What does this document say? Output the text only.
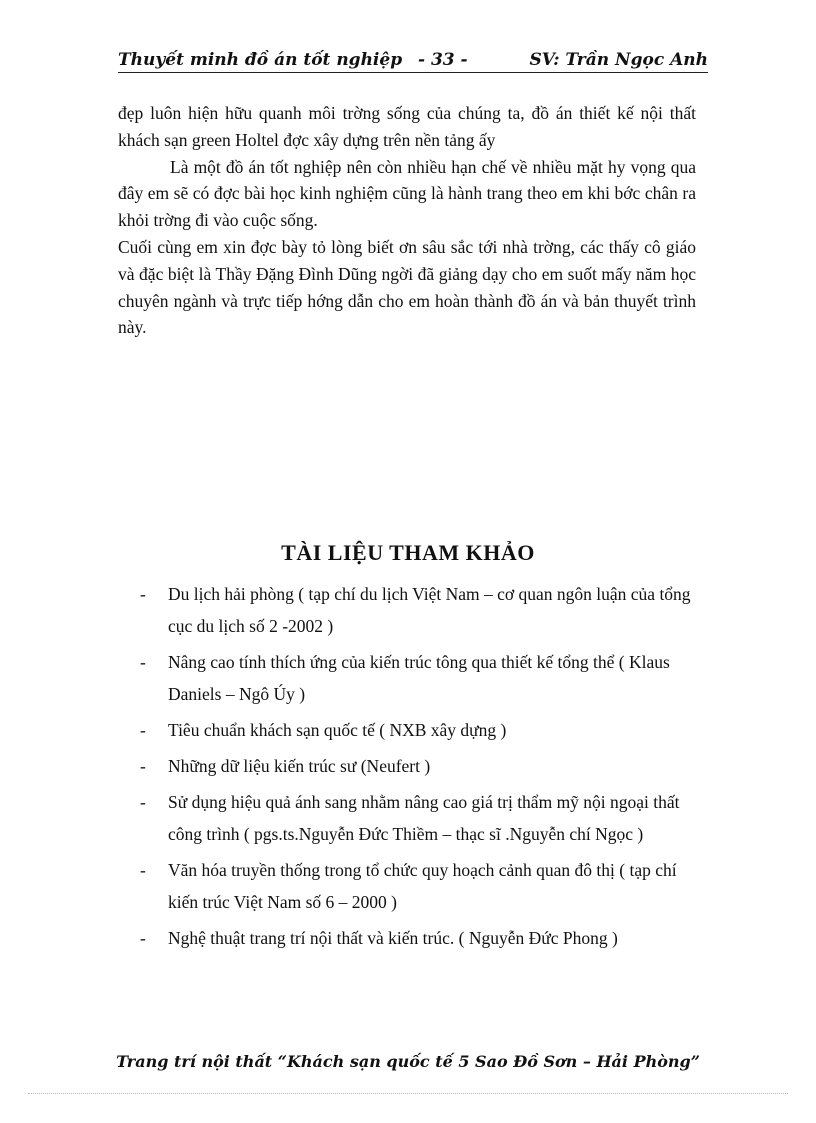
Thuyết minh đồ án tốt nghiệp - 33 -	SV: Trần Ngọc Anh

đẹp luôn hiện hữu quanh môi trờng sống của chúng ta, đồ án thiết kế nội thất khách sạn green Holtel đợc xây dựng trên nền tảng ấy

Là một đồ án tốt nghiệp nên còn nhiều hạn chế về nhiều mặt hy vọng qua đây em sẽ có đợc bài học kinh nghiệm cũng là hành trang theo em khi bớc chân ra khỏi trờng đi vào cuộc sống.

Cuối cùng em xin đợc bày tỏ lòng biết ơn sâu sắc tới nhà trờng, các thấy cô giáo và đặc biệt là Thầy Đặng Đình Dũng ngời đã giảng dạy cho em suốt mấy năm học chuyên ngành và trực tiếp hớng dẫn cho em hoàn thành đồ án và bản thuyết trình này.

TÀI LIỆU THAM KHẢO
- Du lịch hải phòng ( tạp chí du lịch Việt Nam – cơ quan ngôn luận của tổng cục du lịch số 2 -2002 )
- Nâng cao tính thích ứng của kiến trúc tông qua thiết kế tổng thể ( Klaus Daniels – Ngô Úy )
- Tiêu chuẩn khách sạn quốc tế ( NXB xây dựng )
- Những dữ liệu kiến trúc sư (Neufert )
- Sử dụng hiệu quả ánh sang nhằm nâng cao giá trị thẩm mỹ nội ngoại thất công trình ( pgs.ts.Nguyễn Đức Thiềm – thạc sĩ .Nguyễn chí Ngọc )
- Văn hóa truyền thống trong tổ chức quy hoạch cảnh quan đô thị ( tạp chí kiến trúc Việt Nam số 6 – 2000 )
- Nghệ thuật trang trí nội thất và kiến trúc. ( Nguyễn Đức Phong )
Trang trí nội thất “Khách sạn quốc tế 5 Sao Đồ Sơn – Hải Phòng”
